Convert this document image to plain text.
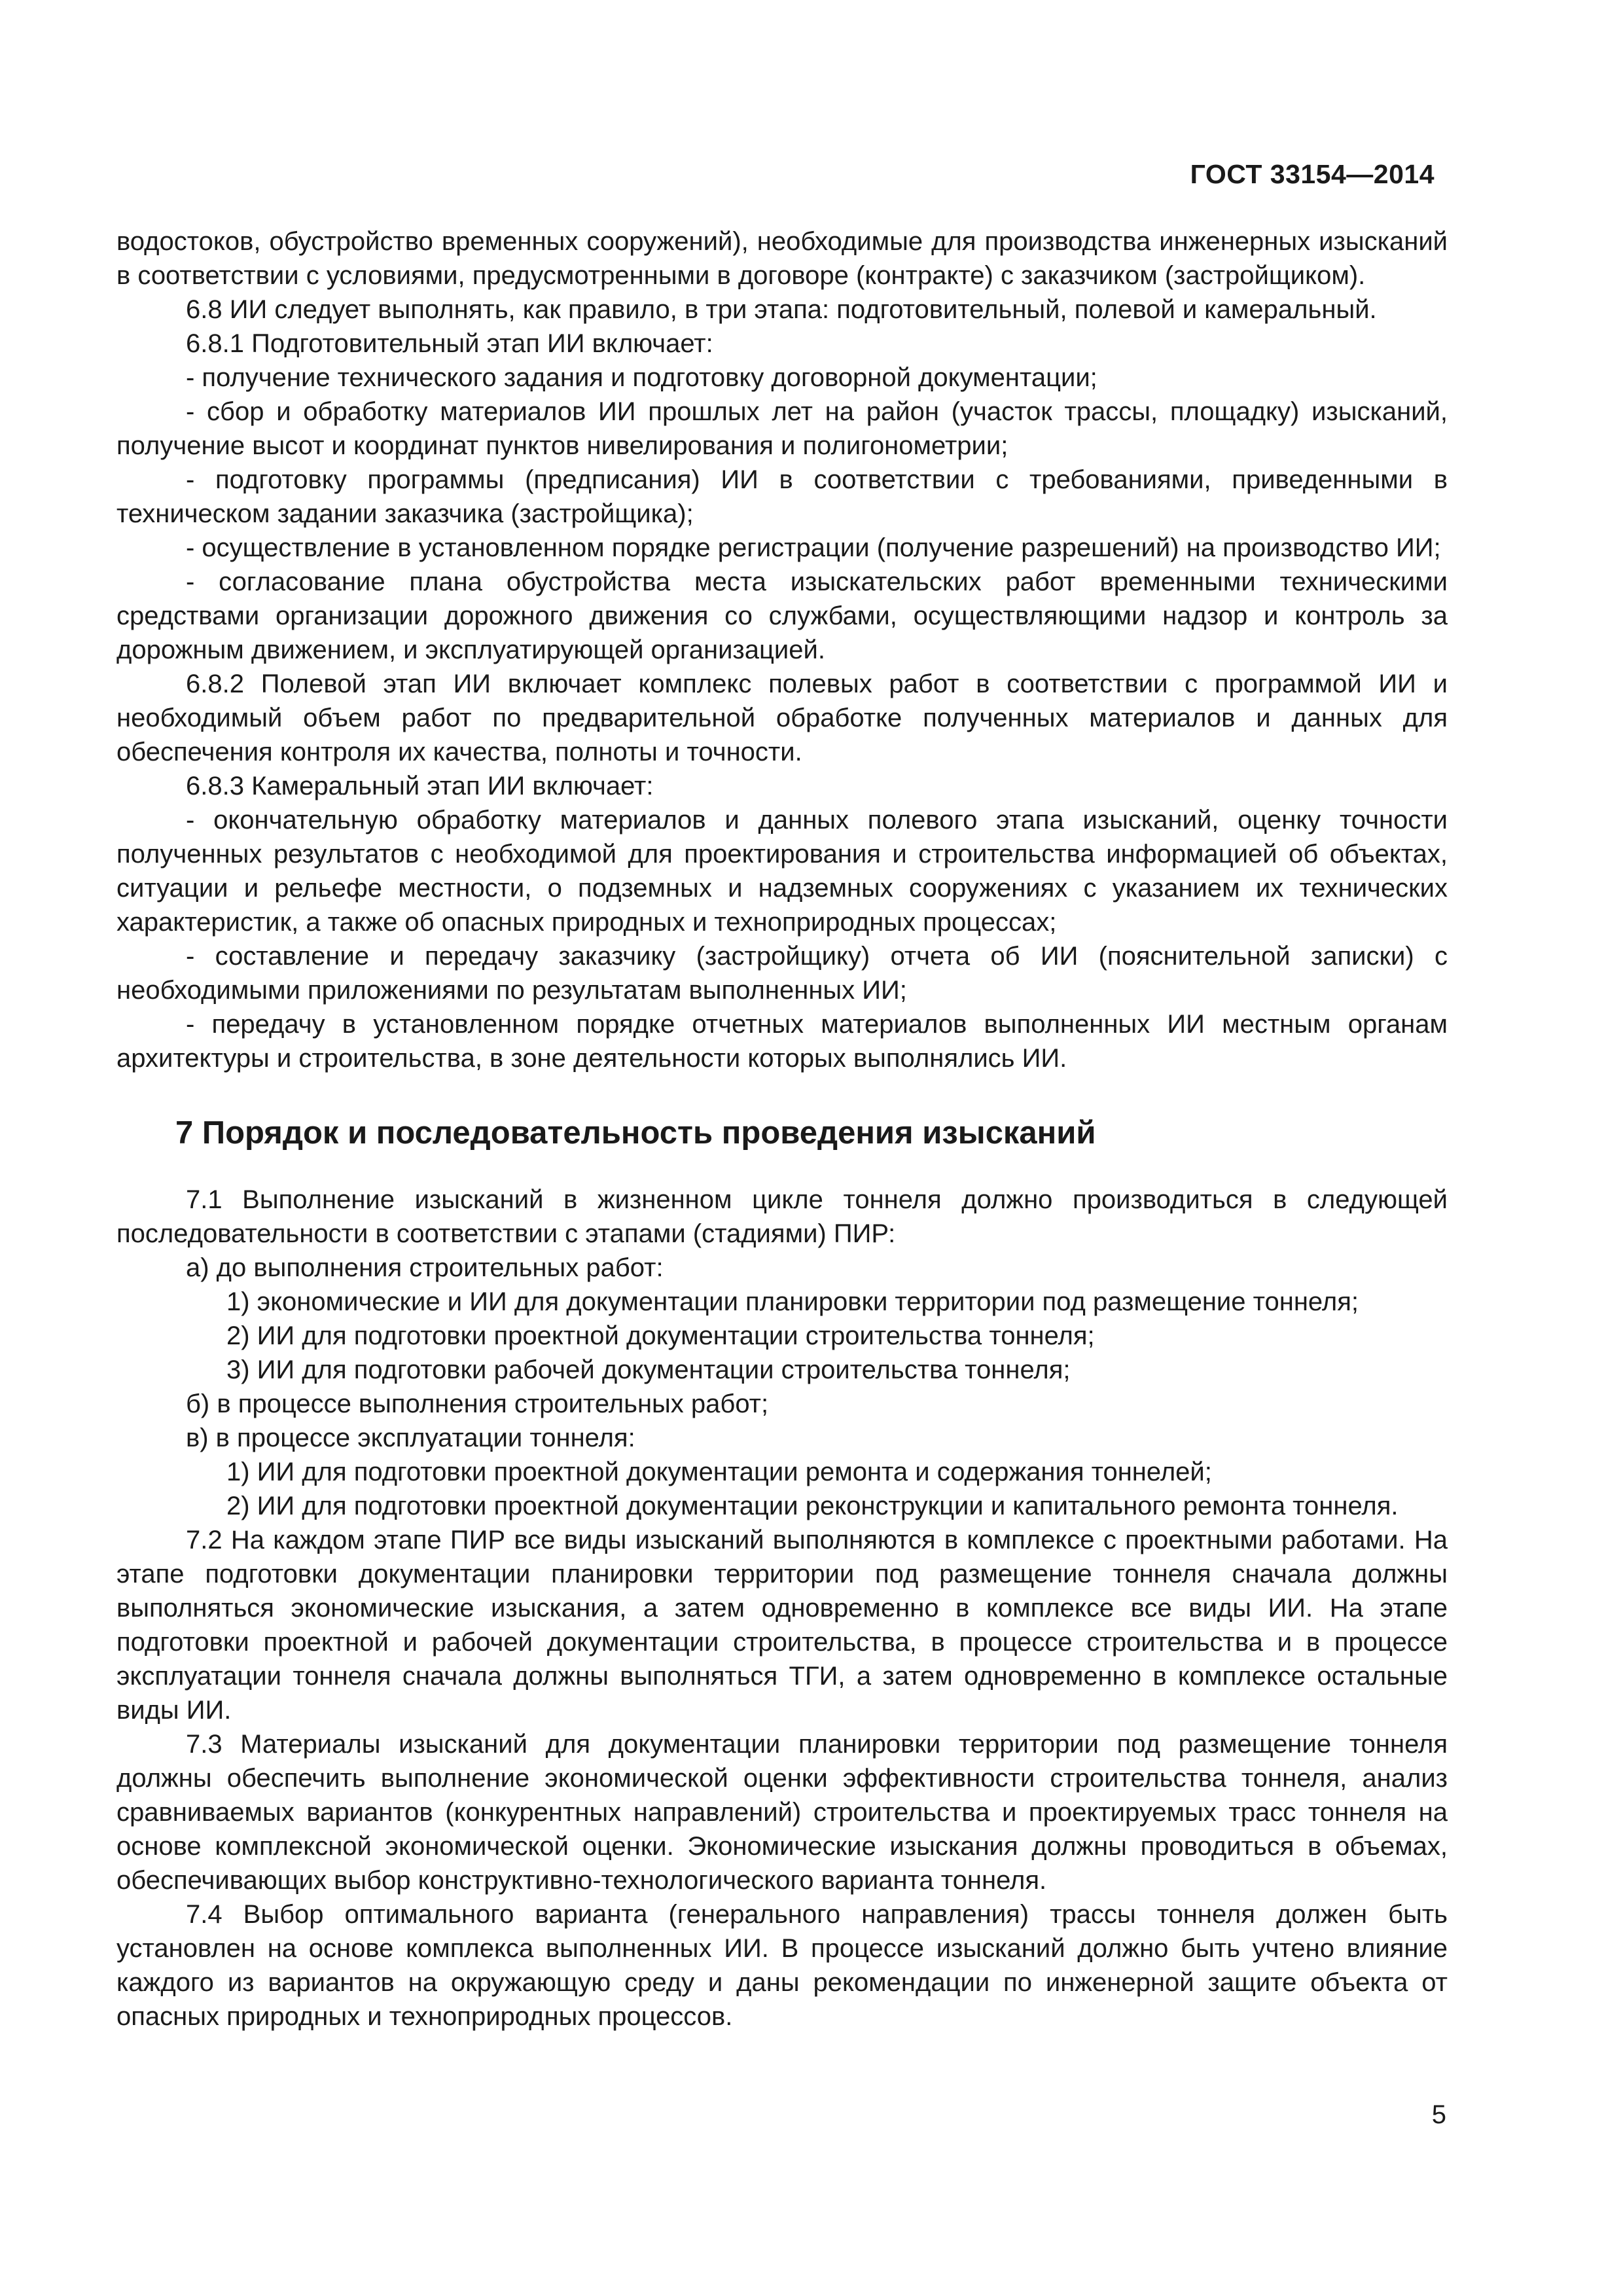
ГОСТ 33154—2014

водостоков, обустройство временных сооружений), необходимые для производства инженерных изысканий в соответствии с условиями, предусмотренными в договоре (контракте) с заказчиком (застройщиком).

6.8 ИИ следует выполнять, как правило, в три этапа: подготовительный, полевой и камеральный.

6.8.1 Подготовительный этап ИИ включает:

- получение технического задания и подготовку договорной документации;

- сбор и обработку материалов ИИ прошлых лет на район (участок трассы, площадку) изысканий, получение высот и координат пунктов нивелирования и полигонометрии;

- подготовку программы (предписания) ИИ в соответствии с требованиями, приведенными в техническом задании заказчика (застройщика);

- осуществление в установленном порядке регистрации (получение разрешений) на производство ИИ;

- согласование плана обустройства места изыскательских работ временными техническими средствами организации дорожного движения со службами, осуществляющими надзор и контроль за дорожным движением, и эксплуатирующей организацией.

6.8.2 Полевой этап ИИ включает комплекс полевых работ в соответствии с программой ИИ и необходимый объем работ по предварительной обработке полученных материалов и данных для обеспечения контроля их качества, полноты и точности.

6.8.3 Камеральный этап ИИ включает:

- окончательную обработку материалов и данных полевого этапа изысканий, оценку точности полученных результатов с необходимой для проектирования и строительства информацией об объектах, ситуации и рельефе местности, о подземных и надземных сооружениях с указанием их технических характеристик, а также об опасных природных и технoприродных процессах;

- составление и передачу заказчику (застройщику) отчета об ИИ (пояснительной записки) с необходимыми приложениями по результатам выполненных ИИ;

- передачу в установленном порядке отчетных материалов выполненных ИИ местным органам архитектуры и строительства, в зоне деятельности которых выполнялись ИИ.

7 Порядок и последовательность проведения изысканий

7.1 Выполнение изысканий в жизненном цикле тоннеля должно производиться в следующей последовательности в соответствии с этапами (стадиями) ПИР:

а) до выполнения строительных работ:

1) экономические и ИИ для документации планировки территории под размещение тоннеля;

2) ИИ для подготовки проектной документации строительства тоннеля;

3) ИИ для подготовки рабочей документации строительства тоннеля;

б) в процессе выполнения строительных работ;

в) в процессе эксплуатации тоннеля:

1) ИИ для подготовки проектной документации ремонта и содержания тоннелей;

2) ИИ для подготовки проектной документации реконструкции и капитального ремонта тоннеля.

7.2 На каждом этапе ПИР все виды изысканий выполняются в комплексе с проектными работами. На этапе подготовки документации планировки территории под размещение тоннеля сначала должны выполняться экономические изыскания, а затем одновременно в комплексе все виды ИИ. На этапе подготовки проектной и рабочей документации строительства, в процессе строительства и в процессе эксплуатации тоннеля сначала должны выполняться ТГИ, а затем одновременно в комплексе остальные виды ИИ.

7.3 Материалы изысканий для документации планировки территории под размещение тоннеля должны обеспечить выполнение экономической оценки эффективности строительства тоннеля, анализ сравниваемых вариантов (конкурентных направлений) строительства и проектируемых трасс тоннеля на основе комплексной экономической оценки. Экономические изыскания должны проводиться в объемах, обеспечивающих выбор конструктивно-технологического варианта тоннеля.

7.4 Выбор оптимального варианта (генерального направления) трассы тоннеля должен быть установлен на основе комплекса выполненных ИИ. В процессе изысканий должно быть учтено влияние каждого из вариантов на окружающую среду и даны рекомендации по инженерной защите объекта от опасных природных и техноприродных процессов.

5
